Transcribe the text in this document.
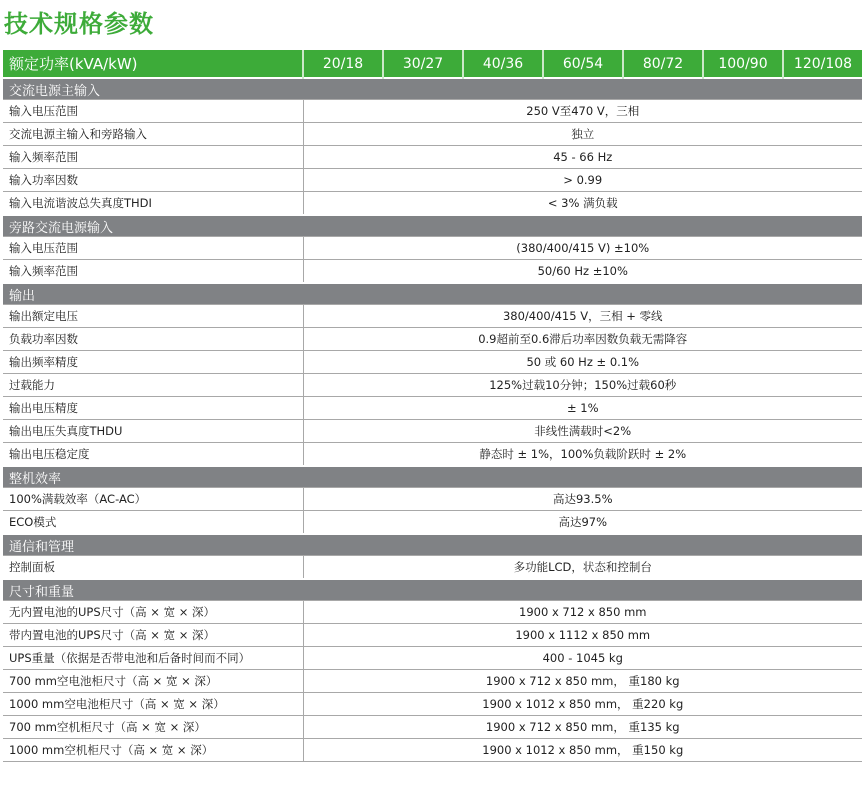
技术规格参数
额定功率(kVA/kW)	20/18	30/27	40/36	60/54	80/72	100/90	120/108
交流电源主输入							
输入电压范围	250 V至470 V，三相						
交流电源主输入和旁路输入	独立						
输入频率范围	45 - 66 Hz						
输入功率因数	> 0.99						
输入电流谐波总失真度THDI	< 3% 满负载						
旁路交流电源输入							
输入电压范围	(380/400/415 V) ±10%						
输入频率范围	50/60 Hz ±10%						
输出							
输出额定电压	380/400/415 V，三相 + 零线						
负载功率因数	0.9超前至0.6滞后功率因数负载无需降容						
输出频率精度	50 或 60 Hz ± 0.1%						
过载能力	125%过载10分钟；150%过载60秒						
输出电压精度	± 1%						
输出电压失真度THDU	非线性满载时<2%						
输出电压稳定度	静态时 ± 1%，100%负载阶跃时 ± 2%						
整机效率							
100%满载效率（AC-AC）	高达93.5%						
ECO模式	高达97%						
通信和管理							
控制面板	多功能LCD，状态和控制台						
尺寸和重量							
无内置电池的UPS尺寸（高 × 宽 × 深）	1900 x 712 x 850 mm						
带内置电池的UPS尺寸（高 × 宽 × 深）	1900 x 1112 x 850 mm						
UPS重量（依据是否带电池和后备时间而不同）	400 - 1045 kg						
700 mm空电池柜尺寸（高 × 宽 × 深）	1900 x 712 x 850 mm， 重180 kg						
1000 mm空电池柜尺寸（高 × 宽 × 深）	1900 x 1012 x 850 mm， 重220 kg						
700 mm空机柜尺寸（高 × 宽 × 深）	1900 x 712 x 850 mm， 重135 kg						
1000 mm空机柜尺寸（高 × 宽 × 深）	1900 x 1012 x 850 mm， 重150 kg						
